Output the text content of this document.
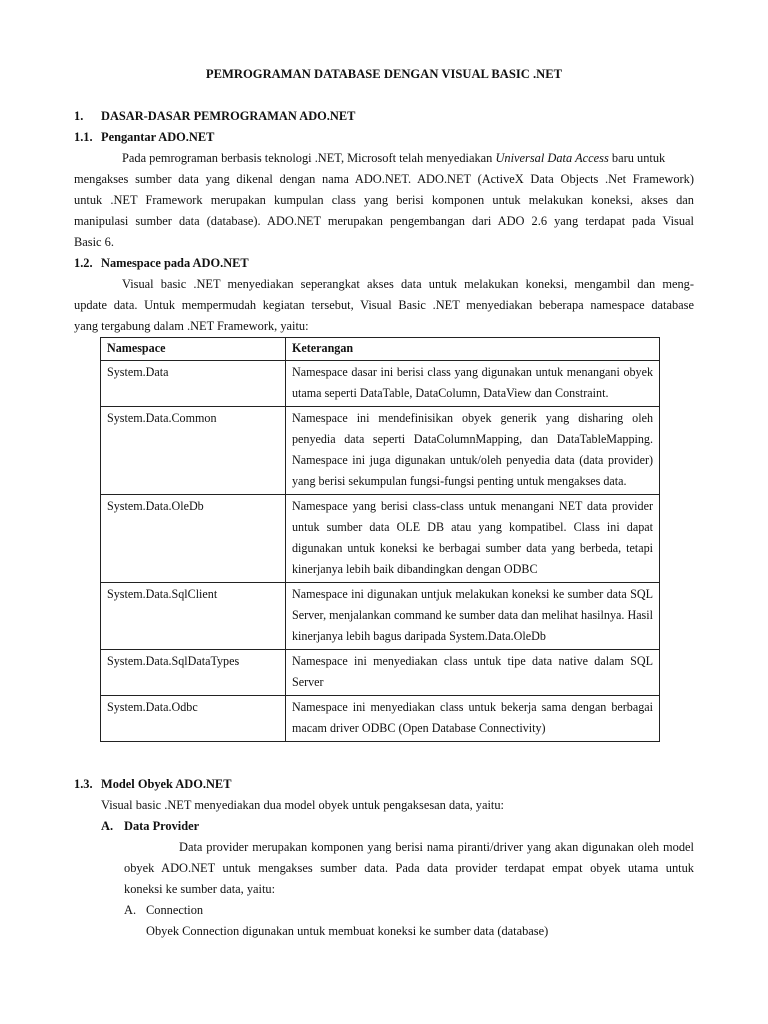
PEMROGRAMAN DATABASE DENGAN VISUAL BASIC .NET
1. DASAR-DASAR PEMROGRAMAN ADO.NET
1.1. Pengantar ADO.NET
Pada pemrograman berbasis teknologi .NET, Microsoft telah menyediakan Universal Data Access baru untuk
mengakses sumber data yang dikenal dengan nama ADO.NET. ADO.NET (ActiveX Data Objects .Net Framework)
untuk .NET Framework merupakan kumpulan class yang berisi komponen untuk melakukan koneksi, akses dan
manipulasi sumber data (database). ADO.NET merupakan pengembangan dari ADO 2.6 yang terdapat pada Visual
Basic 6.
1.2. Namespace pada ADO.NET
Visual basic .NET menyediakan seperangkat akses data untuk melakukan koneksi, mengambil dan meng-
update data. Untuk mempermudah kegiatan tersebut, Visual Basic .NET menyediakan beberapa namespace database
yang tergabung dalam .NET Framework, yaitu:
Namespace	Keterangan
System.Data	Namespace dasar ini berisi class yang digunakan untuk menangani obyek utama seperti DataTable, DataColumn, DataView dan Constraint.
System.Data.Common	Namespace ini mendefinisikan obyek generik yang disharing oleh penyedia data seperti DataColumnMapping, dan DataTableMapping. Namespace ini juga digunakan untuk/oleh penyedia data (data provider) yang berisi sekumpulan fungsi-fungsi penting untuk mengakses data.
System.Data.OleDb	Namespace yang berisi class-class untuk menangani NET data provider untuk sumber data OLE DB atau yang kompatibel. Class ini dapat digunakan untuk koneksi ke berbagai sumber data yang berbeda, tetapi kinerjanya lebih baik dibandingkan dengan ODBC
System.Data.SqlClient	Namespace ini digunakan untjuk melakukan koneksi ke sumber data SQL Server, menjalankan command ke sumber data dan melihat hasilnya. Hasil kinerjanya lebih bagus daripada System.Data.OleDb
System.Data.SqlDataTypes	Namespace ini menyediakan class untuk tipe data native dalam SQL Server
System.Data.Odbc	Namespace ini menyediakan class untuk bekerja sama dengan berbagai macam driver ODBC (Open Database Connectivity)
1.3. Model Obyek ADO.NET
Visual basic .NET menyediakan dua model obyek untuk pengaksesan data, yaitu:
A. Data Provider
Data provider merupakan komponen yang berisi nama piranti/driver yang akan digunakan oleh model
obyek ADO.NET untuk mengakses sumber data. Pada data provider terdapat empat obyek utama untuk
koneksi ke sumber data, yaitu:
A. Connection
Obyek Connection digunakan untuk membuat koneksi ke sumber data (database)
